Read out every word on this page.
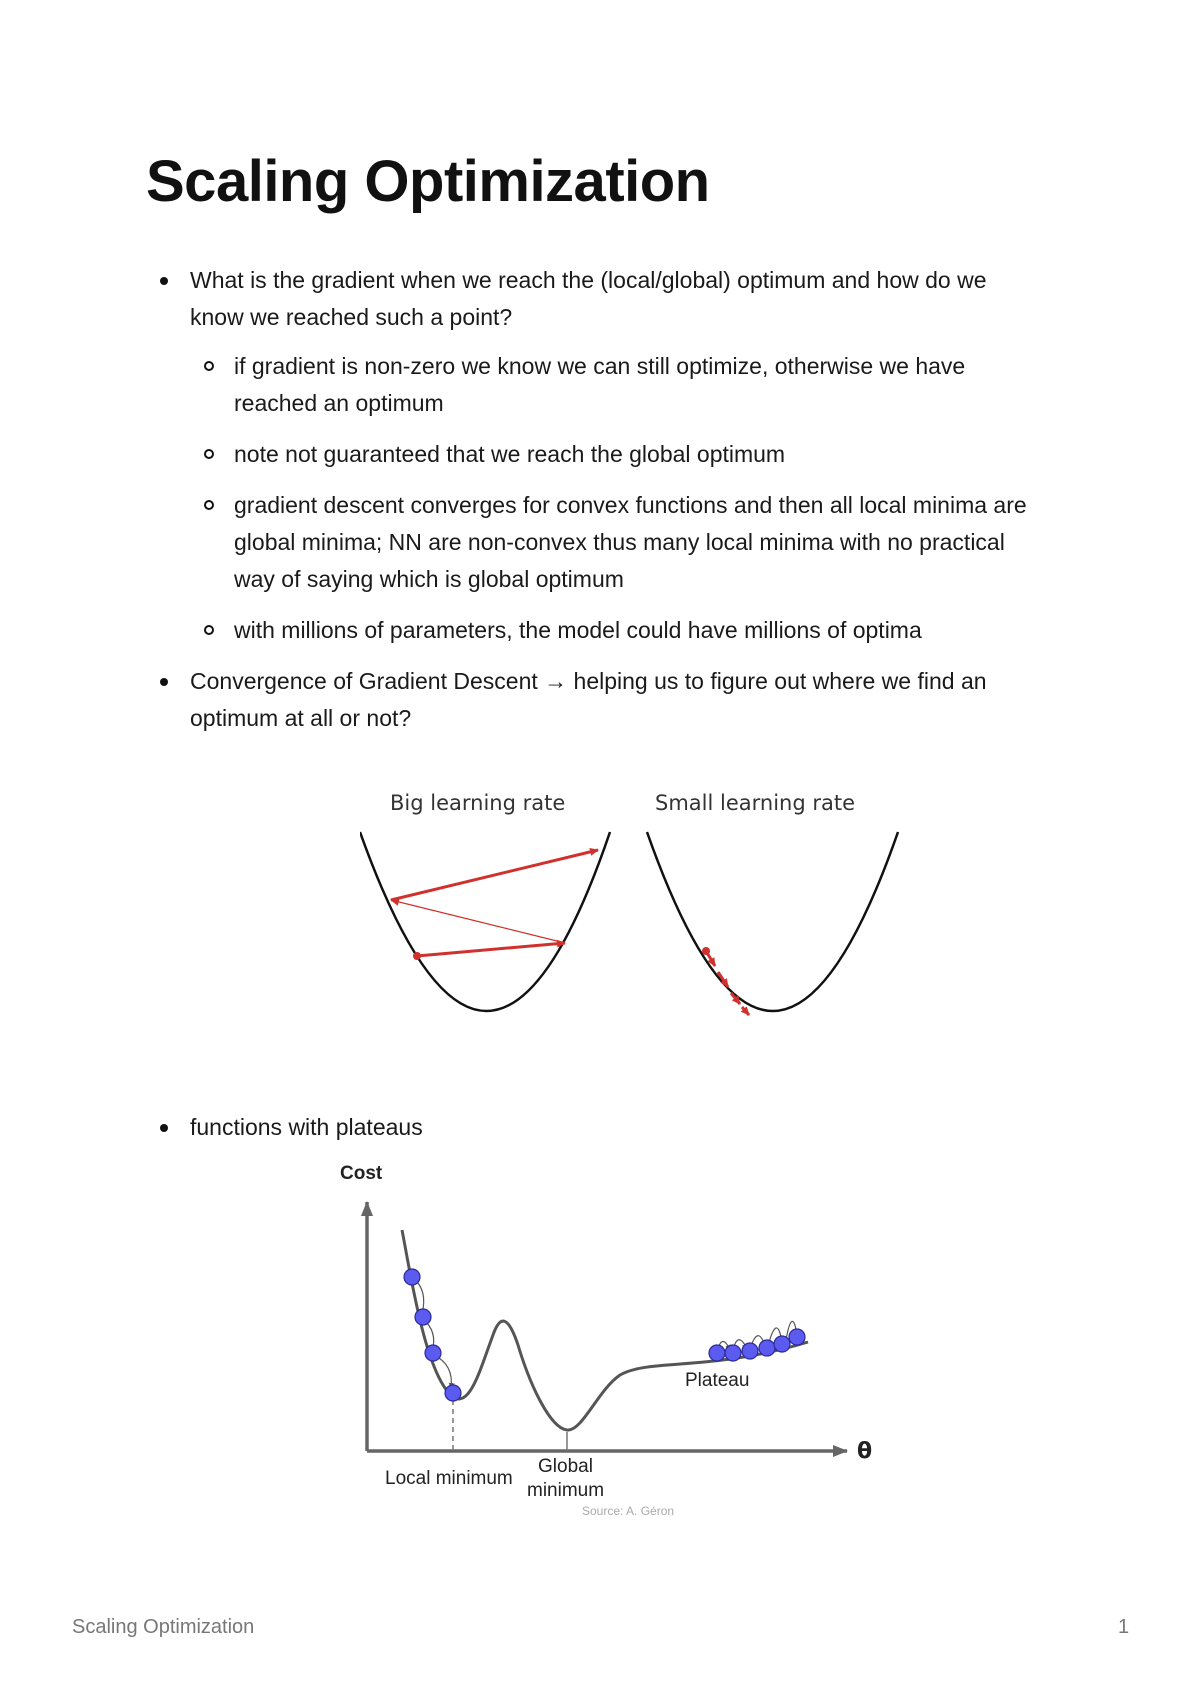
Scaling Optimization
What is the gradient when we reach the (local/global) optimum and how do we know we reached such a point?
if gradient is non-zero we know we can still optimize, otherwise we have reached an optimum
note not guaranteed that we reach the global optimum
gradient descent converges for convex functions and then all local minima are global minima; NN are non-convex thus many local minima with no practical way of saying which is global optimum
with millions of parameters, the model could have millions of optima
Convergence of Gradient Descent → helping us to figure out where we find an optimum at all or not?
functions with plateaus
Big learning rate	Small learning rate
Cost
θ
Plateau
Local minimum
Global
minimum
Source: A. Géron
Scaling Optimization	1
